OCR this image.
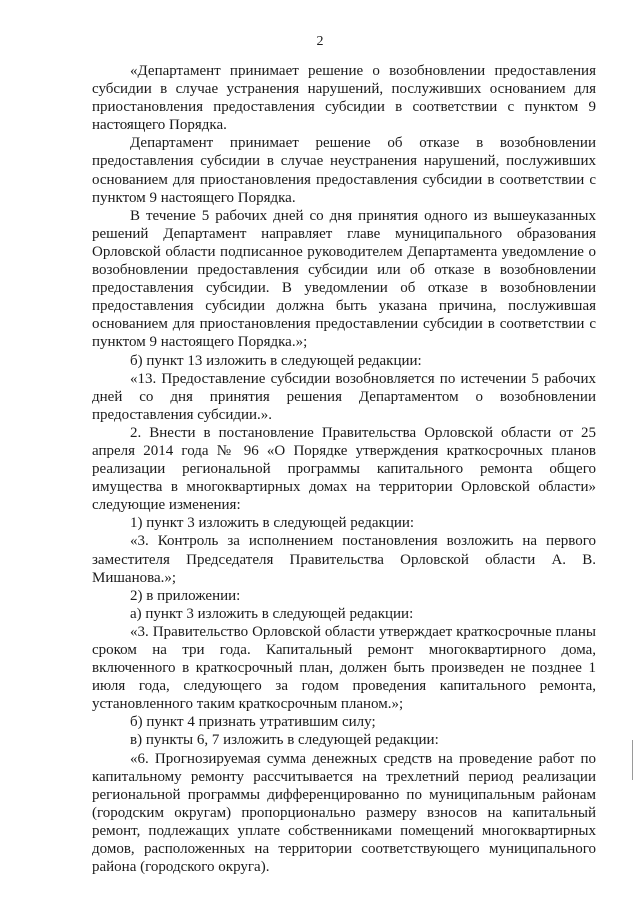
2

«Департамент принимает решение о возобновлении предоставления субсидии в случае устранения нарушений, послуживших основанием для приостановления предоставления субсидии в соответствии с пунктом 9 настоящего Порядка.

Департамент принимает решение об отказе в возобновлении предоставления субсидии в случае неустранения нарушений, послуживших основанием для приостановления предоставления субсидии в соответствии с пунктом 9 настоящего Порядка.

В течение 5 рабочих дней со дня принятия одного из вышеуказанных решений Департамент направляет главе муниципального образования Орловской области подписанное руководителем Департамента уведомление о возобновлении предоставления субсидии или об отказе в возобновлении предоставления субсидии. В уведомлении об отказе в возобновлении предоставления субсидии должна быть указана причина, послужившая основанием для приостановления предоставлении субсидии в соответствии с пунктом 9 настоящего Порядка.»;

б) пункт 13 изложить в следующей редакции:

«13. Предоставление субсидии возобновляется по истечении 5 рабочих дней со дня принятия решения Департаментом о возобновлении предоставления субсидии.».

2. Внести в постановление Правительства Орловской области от 25 апреля 2014 года № 96 «О Порядке утверждения краткосрочных планов реализации региональной программы капитального ремонта общего имущества в многоквартирных домах на территории Орловской области» следующие изменения:

1) пункт 3 изложить в следующей редакции:

«3. Контроль за исполнением постановления возложить на первого заместителя Председателя Правительства Орловской области А. В. Мишанова.»;

2) в приложении:

а) пункт 3 изложить в следующей редакции:

«3. Правительство Орловской области утверждает краткосрочные планы сроком на три года. Капитальный ремонт многоквартирного дома, включенного в краткосрочный план, должен быть произведен не позднее 1 июля года, следующего за годом проведения капитального ремонта, установленного таким краткосрочным планом.»;

б) пункт 4 признать утратившим силу;

в) пункты 6, 7 изложить в следующей редакции:

«6. Прогнозируемая сумма денежных средств на проведение работ по капитальному ремонту рассчитывается на трехлетний период реализации региональной программы дифференцированно по муниципальным районам (городским округам) пропорционально размеру взносов на капитальный ремонт, подлежащих уплате собственниками помещений многоквартирных домов, расположенных на территории соответствующего муниципального района (городского округа).
